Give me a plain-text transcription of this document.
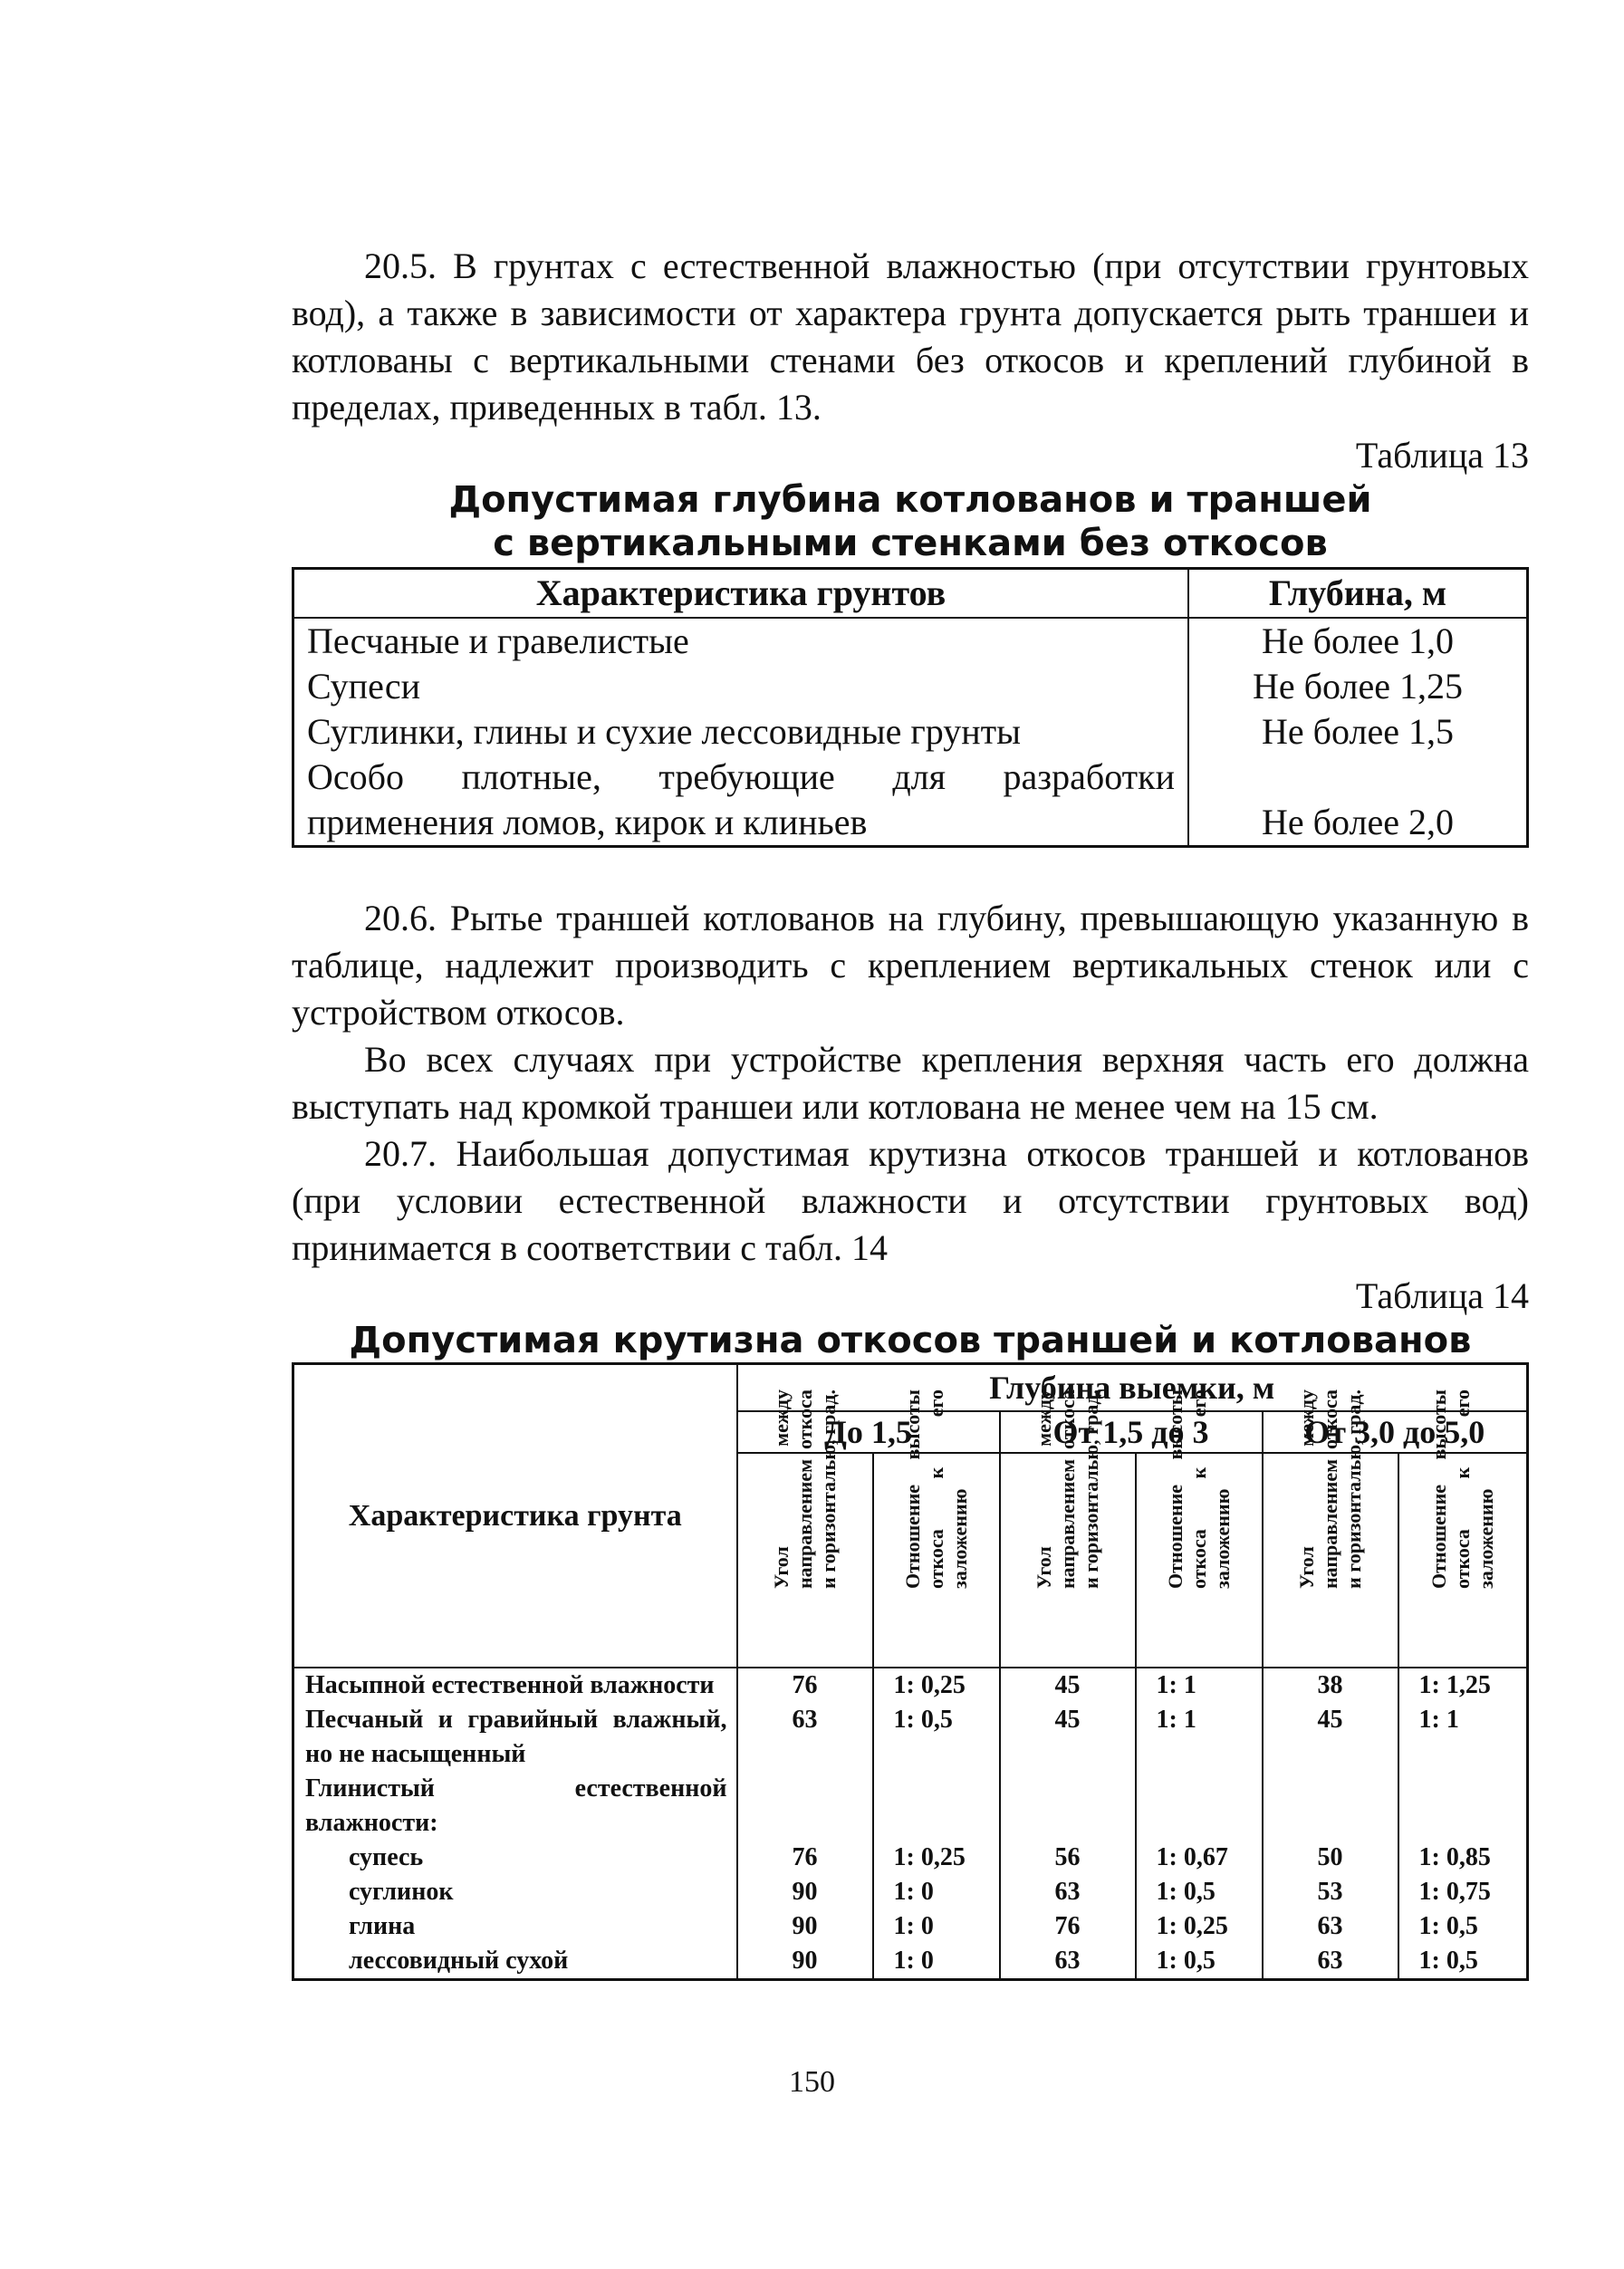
20.5. В грунтах с естественной влажностью (при отсутствии грунтовых вод), а также в зависимости от характера грунта допускается рыть траншеи и котлованы с вертикальными стенами без откосов и креплений глубиной в пределах, приведенных в табл. 13.

Таблица 13
Допустимая глубина котлованов и траншей
с вертикальными стенками без откосов
Характеристика грунтов	Глубина, м
Песчаные и гравелистые	Не более 1,0
Супеси	Не более 1,25
Суглинки, глины и сухие лессовидные грунты	Не более 1,5
Особо плотные, требующие для разработки применения ломов, кирок и клиньев	Не более 2,0

20.6. Рытье траншей котлованов на глубину, превышающую указанную в таблице, надлежит производить с креплением вертикальных стенок или с устройством откосов.

Во всех случаях при устройстве крепления верхняя часть его должна выступать над кромкой траншеи или котлована не менее чем на 15 см.

20.7. Наибольшая допустимая крутизна откосов траншей и котлованов (при условии естественной влажности и отсутствии грунтовых вод) принимается в соответствии с табл. 14

Таблица 14
Допустимая крутизна откосов траншей и котлованов
Характеристика грунта	Глубина выемки, м					
	До 1,5		От 1,5 до 3		От 3,0 до 5,0	

	Угол между направлением откоса и горизонталью, град.	Отношение высоты откоса к его заложению	Угол между направлением откоса и горизонталью, град.	Отношение высоты откоса к его заложению	Угол между направлением откоса и горизонталью, град.	Отношение высоты откоса к его заложению

Насыпной естественной влажности	76	1: 0,25	45	1: 1	38	1: 1,25
Песчаный и гравийный влажный, но не насыщенный	63	1: 0,5	45	1: 1	45	1: 1
Глинистый естественной влажности:						
супесь	76	1: 0,25	56	1: 0,67	50	1: 0,85
суглинок	90	1: 0	63	1: 0,5	53	1: 0,75
глина	90	1: 0	76	1: 0,25	63	1: 0,5
лессовидный сухой	90	1: 0	63	1: 0,5	63	1: 0,5
150
